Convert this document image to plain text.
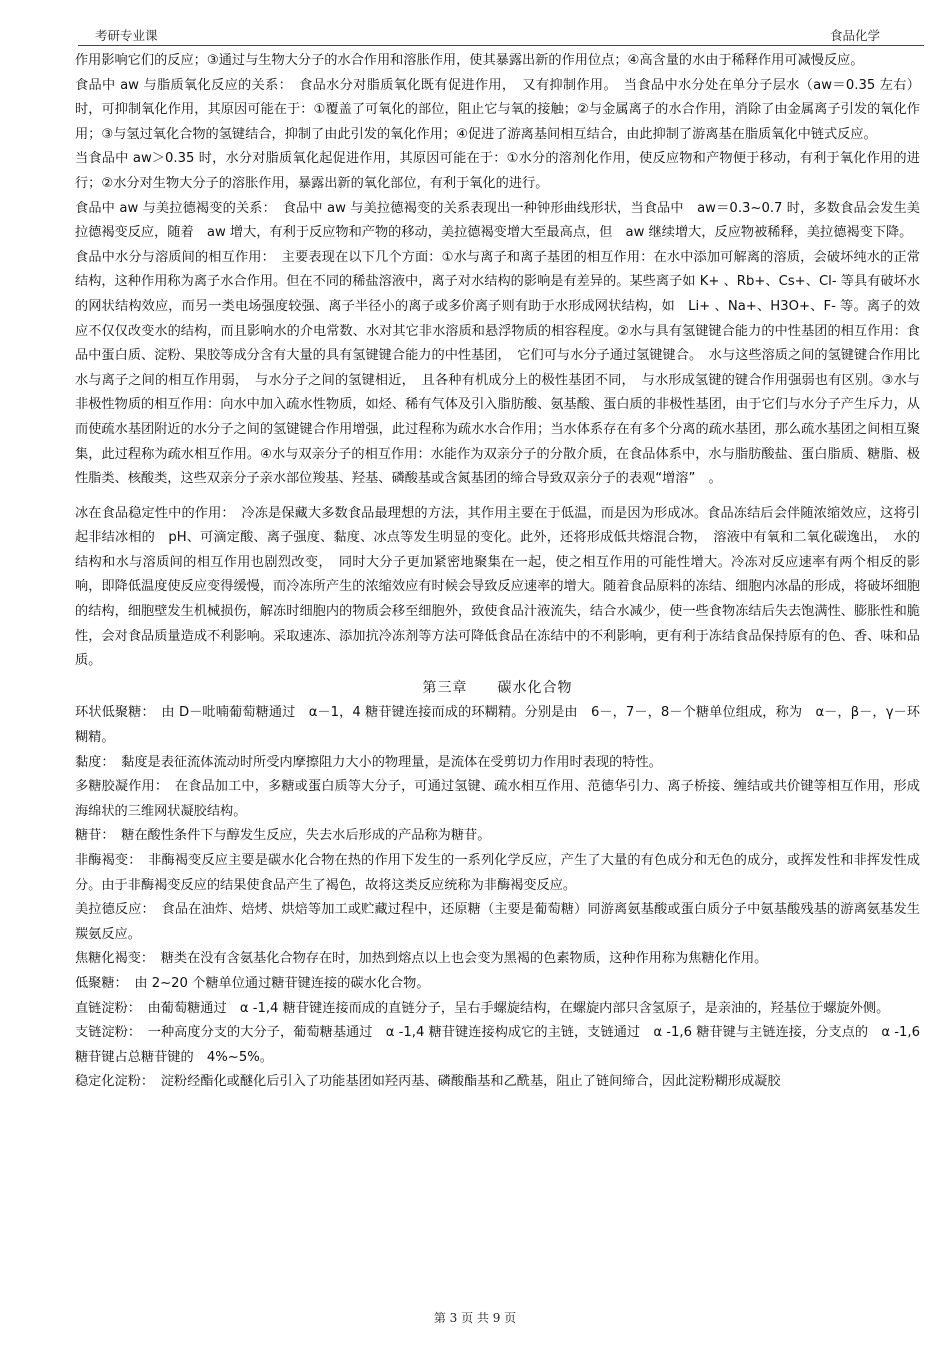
考研专业课	食品化学

作用影响它们的反应；③通过与生物大分子的水合作用和溶胀作用，使其暴露出新的作用位点；④高含量的水由于稀释作用可减慢反应。

食品中 aw 与脂质氧化反应的关系：　食品水分对脂质氧化既有促进作用，　又有抑制作用。　当食品中水分处在单分子层水（aw＝0.35 左右）时，可抑制氧化作用，其原因可能在于：①覆盖了可氧化的部位，阻止它与氧的接触；②与金属离子的水合作用，消除了由金属离子引发的氧化作用；③与氢过氧化合物的氢键结合，抑制了由此引发的氧化作用；④促进了游离基间相互结合，由此抑制了游离基在脂质氧化中链式反应。

当食品中 aw＞0.35 时，水分对脂质氧化起促进作用，其原因可能在于：①水分的溶剂化作用，使反应物和产物便于移动，有利于氧化作用的进行；②水分对生物大分子的溶胀作用，暴露出新的氧化部位，有利于氧化的进行。

食品中 aw 与美拉德褐变的关系：　食品中 aw 与美拉德褐变的关系表现出一种钟形曲线形状，当食品中　aw＝0.3~0.7 时，多数食品会发生美拉德褐变反应，随着　aw 增大，有利于反应物和产物的移动，美拉德褐变增大至最高点，但　aw 继续增大，反应物被稀释，美拉德褐变下降。

食品中水分与溶质间的相互作用：　主要表现在以下几个方面：①水与离子和离子基团的相互作用：在水中添加可解离的溶质，会破坏纯水的正常结构，这种作用称为离子水合作用。但在不同的稀盐溶液中，离子对水结构的影响是有差异的。某些离子如 K+ 、Rb+、Cs+、Cl- 等具有破坏水的网状结构效应，而另一类电场强度较强、离子半径小的离子或多价离子则有助于水形成网状结构，如　Li+ 、Na+、H3O+、F- 等。离子的效应不仅仅改变水的结构，而且影响水的介电常数、水对其它非水溶质和悬浮物质的相容程度。②水与具有氢键键合能力的中性基团的相互作用：食品中蛋白质、淀粉、果胶等成分含有大量的具有氢键键合能力的中性基团，　它们可与水分子通过氢键键合。　水与这些溶质之间的氢键键合作用比水与离子之间的相互作用弱，　与水分子之间的氢键相近，　且各种有机成分上的极性基团不同，　与水形成氢键的键合作用强弱也有区别。③水与非极性物质的相互作用：向水中加入疏水性物质，如烃、稀有气体及引入脂肪酸、氨基酸、蛋白质的非极性基团，由于它们与水分子产生斥力，从而使疏水基团附近的水分子之间的氢键键合作用增强，此过程称为疏水水合作用；当水体系存在有多个分离的疏水基团，那么疏水基团之间相互聚集，此过程称为疏水相互作用。④水与双亲分子的相互作用：水能作为双亲分子的分散介质，在食品体系中，水与脂肪酸盐、蛋白脂质、糖脂、极性脂类、核酸类，这些双亲分子亲水部位羧基、羟基、磷酸基或含氮基团的缔合导致双亲分子的表观“增溶”　。

冰在食品稳定性中的作用：　冷冻是保藏大多数食品最理想的方法，其作用主要在于低温，而是因为形成冰。食品冻结后会伴随浓缩效应，这将引起非结冰相的　pH、可滴定酸、离子强度、黏度、冰点等发生明显的变化。此外，还将形成低共熔混合物，　溶液中有氧和二氧化碳逸出，　水的结构和水与溶质间的相互作用也剧烈改变，　同时大分子更加紧密地聚集在一起，使之相互作用的可能性增大。冷冻对反应速率有两个相反的影响，即降低温度使反应变得缓慢，而冷冻所产生的浓缩效应有时候会导致反应速率的增大。随着食品原料的冻结、细胞内冰晶的形成，将破坏细胞的结构，细胞壁发生机械损伤，解冻时细胞内的物质会移至细胞外，致使食品汁液流失，结合水减少，使一些食物冻结后失去饱满性、膨胀性和脆性，会对食品质量造成不利影响。采取速冻、添加抗冷冻剂等方法可降低食品在冻结中的不利影响，更有利于冻结食品保持原有的色、香、味和品质。

第三章　　碳水化合物

环状低聚糖：　由 D－吡喃葡萄糖通过　α－1，4 糖苷键连接而成的环糊精。分别是由　6－，7－，8－个糖单位组成，称为　α－，β－，γ－环糊精。

黏度：　黏度是表征流体流动时所受内摩擦阻力大小的物理量，是流体在受剪切力作用时表现的特性。

多糖胶凝作用：　在食品加工中，多糖或蛋白质等大分子，可通过氢键、疏水相互作用、范德华引力、离子桥接、缠结或共价键等相互作用，形成海绵状的三维网状凝胶结构。

糖苷：　糖在酸性条件下与醇发生反应，失去水后形成的产品称为糖苷。

非酶褐变：　非酶褐变反应主要是碳水化合物在热的作用下发生的一系列化学反应，产生了大量的有色成分和无色的成分，或挥发性和非挥发性成分。由于非酶褐变反应的结果使食品产生了褐色，故将这类反应统称为非酶褐变反应。

美拉德反应：　食品在油炸、焙烤、烘焙等加工或贮藏过程中，还原糖（主要是葡萄糖）同游离氨基酸或蛋白质分子中氨基酸残基的游离氨基发生羰氨反应。

焦糖化褐变：　糖类在没有含氨基化合物存在时，加热到熔点以上也会变为黑褐的色素物质，这种作用称为焦糖化作用。

低聚糖：　由 2~20 个糖单位通过糖苷键连接的碳水化合物。

直链淀粉：　由葡萄糖通过　α -1,4 糖苷键连接而成的直链分子，呈右手螺旋结构，在螺旋内部只含氢原子，是亲油的，羟基位于螺旋外侧。

支链淀粉：　一种高度分支的大分子，葡萄糖基通过　α -1,4 糖苷键连接构成它的主链，支链通过　α -1,6 糖苷键与主链连接，分支点的　α -1,6 糖苷键占总糖苷键的　4%~5%。

稳定化淀粉：　淀粉经酯化或醚化后引入了功能基团如羟丙基、磷酸酯基和乙酰基，阻止了链间缔合，因此淀粉糊形成凝胶

第 3 页 共 9 页
